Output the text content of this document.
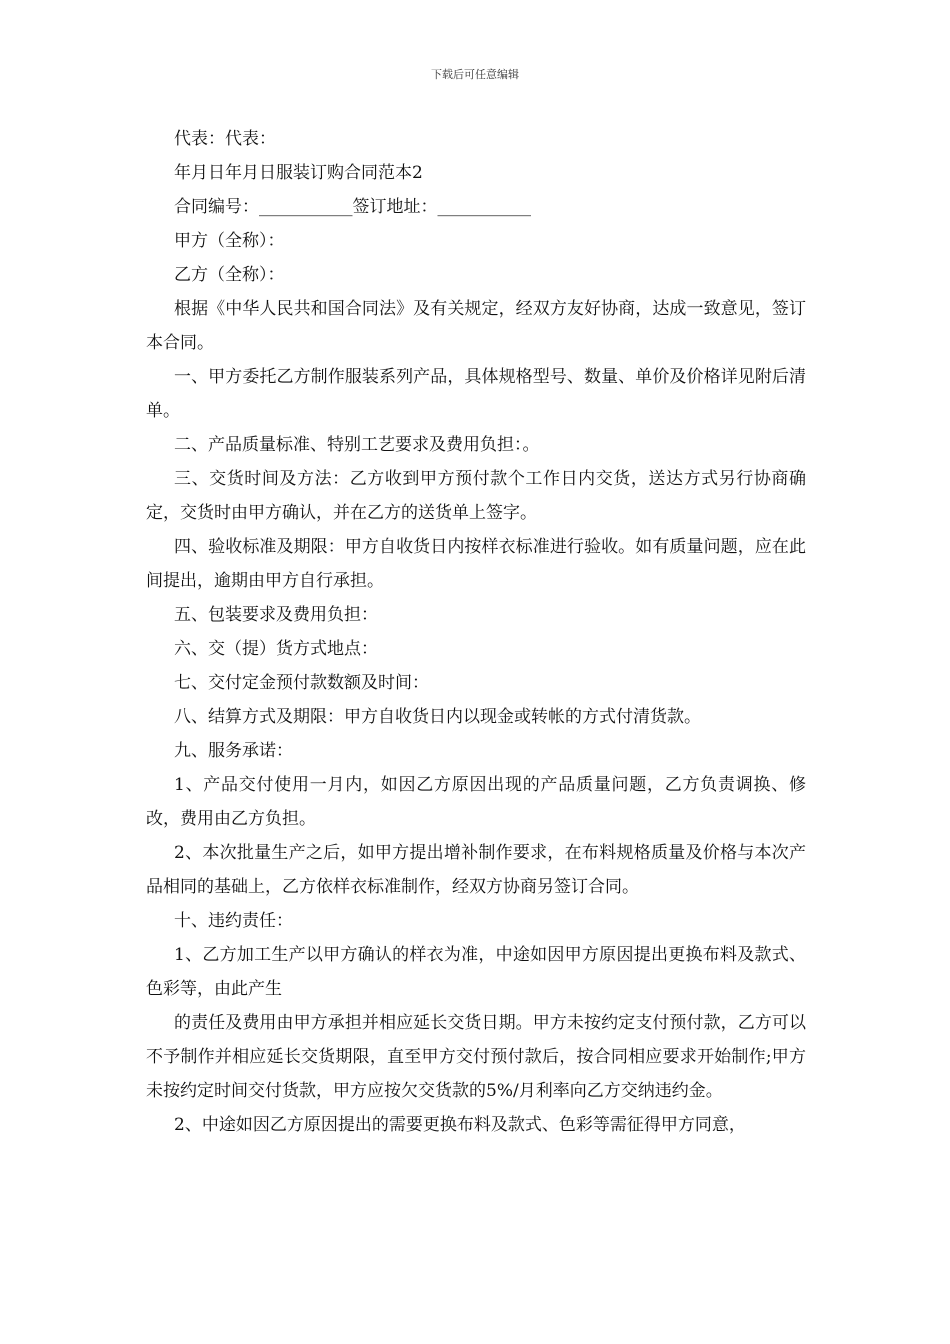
下载后可任意编辑

代表：代表：

年月日年月日服装订购合同范本2

合同编号：___________签订地址：___________

甲方（全称）：

乙方（全称）：

根据《中华人民共和国合同法》及有关规定，经双方友好协商，达成一致意见，签订本合同。

一、甲方委托乙方制作服装系列产品，具体规格型号、数量、单价及价格详见附后清单。

二、产品质量标准、特别工艺要求及费用负担：。

三、交货时间及方法：乙方收到甲方预付款个工作日内交货，送达方式另行协商确定，交货时由甲方确认，并在乙方的送货单上签字。

四、验收标准及期限：甲方自收货日内按样衣标准进行验收。如有质量问题，应在此间提出，逾期由甲方自行承担。

五、包装要求及费用负担：

六、交（提）货方式地点：

七、交付定金预付款数额及时间：

八、结算方式及期限：甲方自收货日内以现金或转帐的方式付清货款。

九、服务承诺：

1、产品交付使用一月内，如因乙方原因出现的产品质量问题，乙方负责调换、修改，费用由乙方负担。

2、本次批量生产之后，如甲方提出增补制作要求，在布料规格质量及价格与本次产品相同的基础上，乙方依样衣标准制作，经双方协商另签订合同。

十、违约责任：

1、乙方加工生产以甲方确认的样衣为准，中途如因甲方原因提出更换布料及款式、色彩等，由此产生

的责任及费用由甲方承担并相应延长交货日期。甲方未按约定支付预付款，乙方可以不予制作并相应延长交货期限，直至甲方交付预付款后，按合同相应要求开始制作;甲方未按约定时间交付货款，甲方应按欠交货款的5%/月利率向乙方交纳违约金。

2、中途如因乙方原因提出的需要更换布料及款式、色彩等需征得甲方同意，
